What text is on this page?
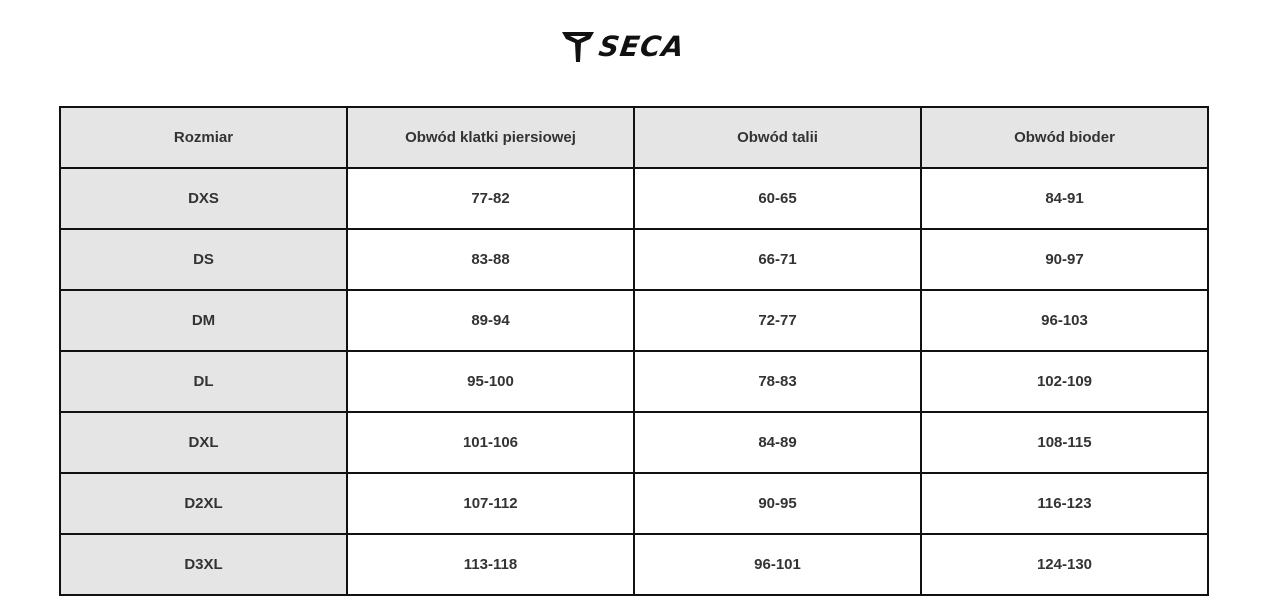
SECA
Rozmiar	Obwód klatki piersiowej	Obwód talii	Obwód bioder
DXS	77-82	60-65	84-91
DS	83-88	66-71	90-97
DM	89-94	72-77	96-103
DL	95-100	78-83	102-109
DXL	101-106	84-89	108-115
D2XL	107-112	90-95	116-123
D3XL	113-118	96-101	124-130
